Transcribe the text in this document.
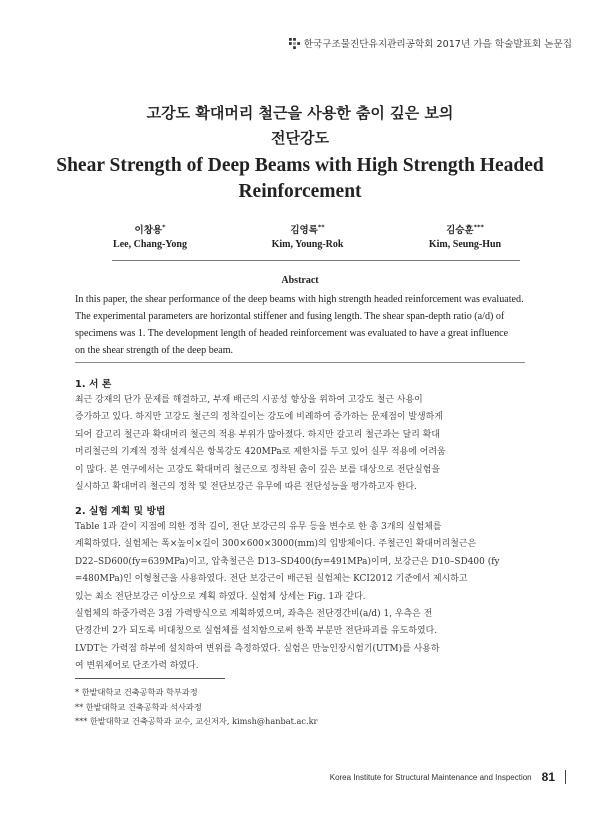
한국구조물진단유지관리공학회 2017년 가을 학술발표회 논문집
고강도 확대머리 철근을 사용한 춤이 깊은 보의
전단강도
Shear Strength of Deep Beams with High Strength Headed
Reinforcement
이창용*
Lee, Chang-Yong
김영록**
Kim, Young-Rok
김승훈***
Kim, Seung-Hun
Abstract
In this paper, the shear performance of the deep beams with high strength headed reinforcement was evaluated.
The experimental parameters are horizontal stiffener and fusing length. The shear span-depth ratio (a/d) of
specimens was 1. The development length of headed reinforcement was evaluated to have a great influence
on the shear strength of the deep beam.
1. 서 론
최근 강재의 단가 문제를 해결하고, 부재 배근의 시공성 향상을 위하여 고강도 철근 사용이
증가하고 있다. 하지만 고강도 철근의 정착길이는 강도에 비례하여 증가하는 문제점이 발생하게
되어 갈고리 철근과 확대머리 철근의 적용 부위가 많아졌다. 하지만 갈고리 철근과는 달리 확대
머리철근의 기계적 정착 설계식은 항복강도 420MPa로 제한치를 두고 있어 실무 적용에 어려움
이 많다. 본 연구에서는 고강도 확대머리 철근으로 정착된 춤이 깊은 보를 대상으로 전단실험을
실시하고 확대머리 철근의 정착 및 전단보강근 유무에 따른 전단성능을 평가하고자 한다.
2. 실험 계획 및 방법
Table 1과 같이 지점에 의한 정착 길이, 전단 보강근의 유무 등을 변수로 한 총 3개의 실험체를
계획하였다. 실험체는 폭×높이×길이 300×600×3000(mm)의 입방체이다. 주철근인 확대머리철근은
D22–SD600(fy=639MPa)이고, 압축철근은 D13–SD400(fy=491MPa)이며, 보강근은 D10–SD400 (fy
=480MPa)인 이형철근을 사용하였다. 전단 보강근이 배근된 실험체는 KCI2012 기준에서 제시하고
있는 최소 전단보강근 이상으로 계획 하였다. 실험체 상세는 Fig. 1과 같다.
실험체의 하중가력은 3점 가력방식으로 계획하였으며, 좌측은 전단경간비(a/d) 1, 우측은 전
단경간비 2가 되도록 비대칭으로 실험체를 설치함으로써 한쪽 부분만 전단파괴를 유도하였다.
LVDT는 가력점 하부에 설치하여 변위를 측정하였다. 실험은 만능인장시험기(UTM)를 사용하
여 변위제어로 단조가력 하였다.
* 한밭대학교 건축공학과 학부과정
** 한밭대학교 건축공학과 석사과정
*** 한밭대학교 건축공학과 교수, 교신저자, kimsh@hanbat.ac.kr
Korea Institute for Structural Maintenance and Inspection 81
